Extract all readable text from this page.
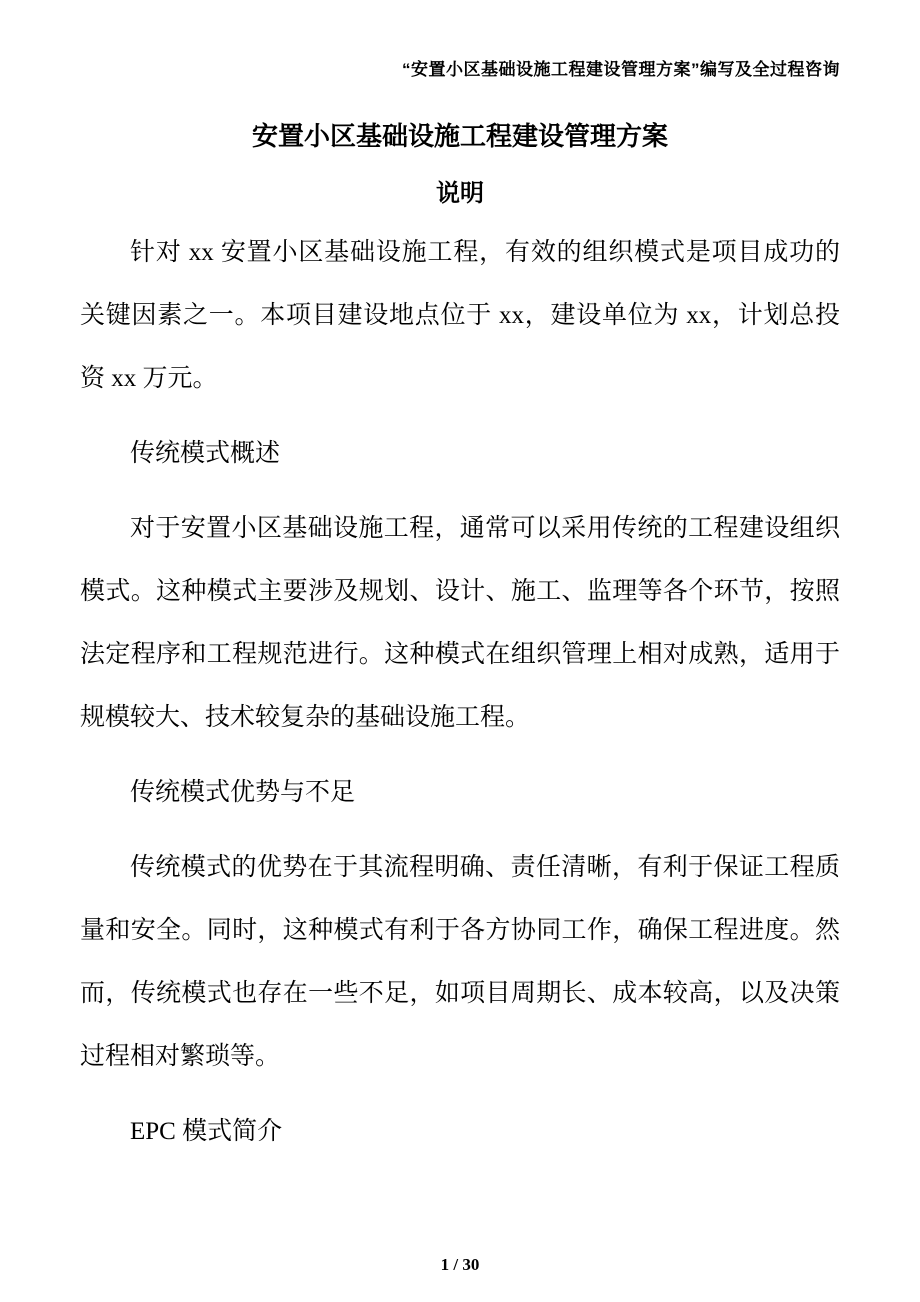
“安置小区基础设施工程建设管理方案”编写及全过程咨询
安置小区基础设施工程建设管理方案
说明

针对 xx 安置小区基础设施工程，有效的组织模式是项目成功的关键因素之一。本项目建设地点位于 xx，建设单位为 xx，计划总投资 xx 万元。

传统模式概述

对于安置小区基础设施工程，通常可以采用传统的工程建设组织模式。这种模式主要涉及规划、设计、施工、监理等各个环节，按照法定程序和工程规范进行。这种模式在组织管理上相对成熟，适用于规模较大、技术较复杂的基础设施工程。

传统模式优势与不足

传统模式的优势在于其流程明确、责任清晰，有利于保证工程质量和安全。同时，这种模式有利于各方协同工作，确保工程进度。然而，传统模式也存在一些不足，如项目周期长、成本较高，以及决策过程相对繁琐等。

EPC 模式简介

1 / 30
